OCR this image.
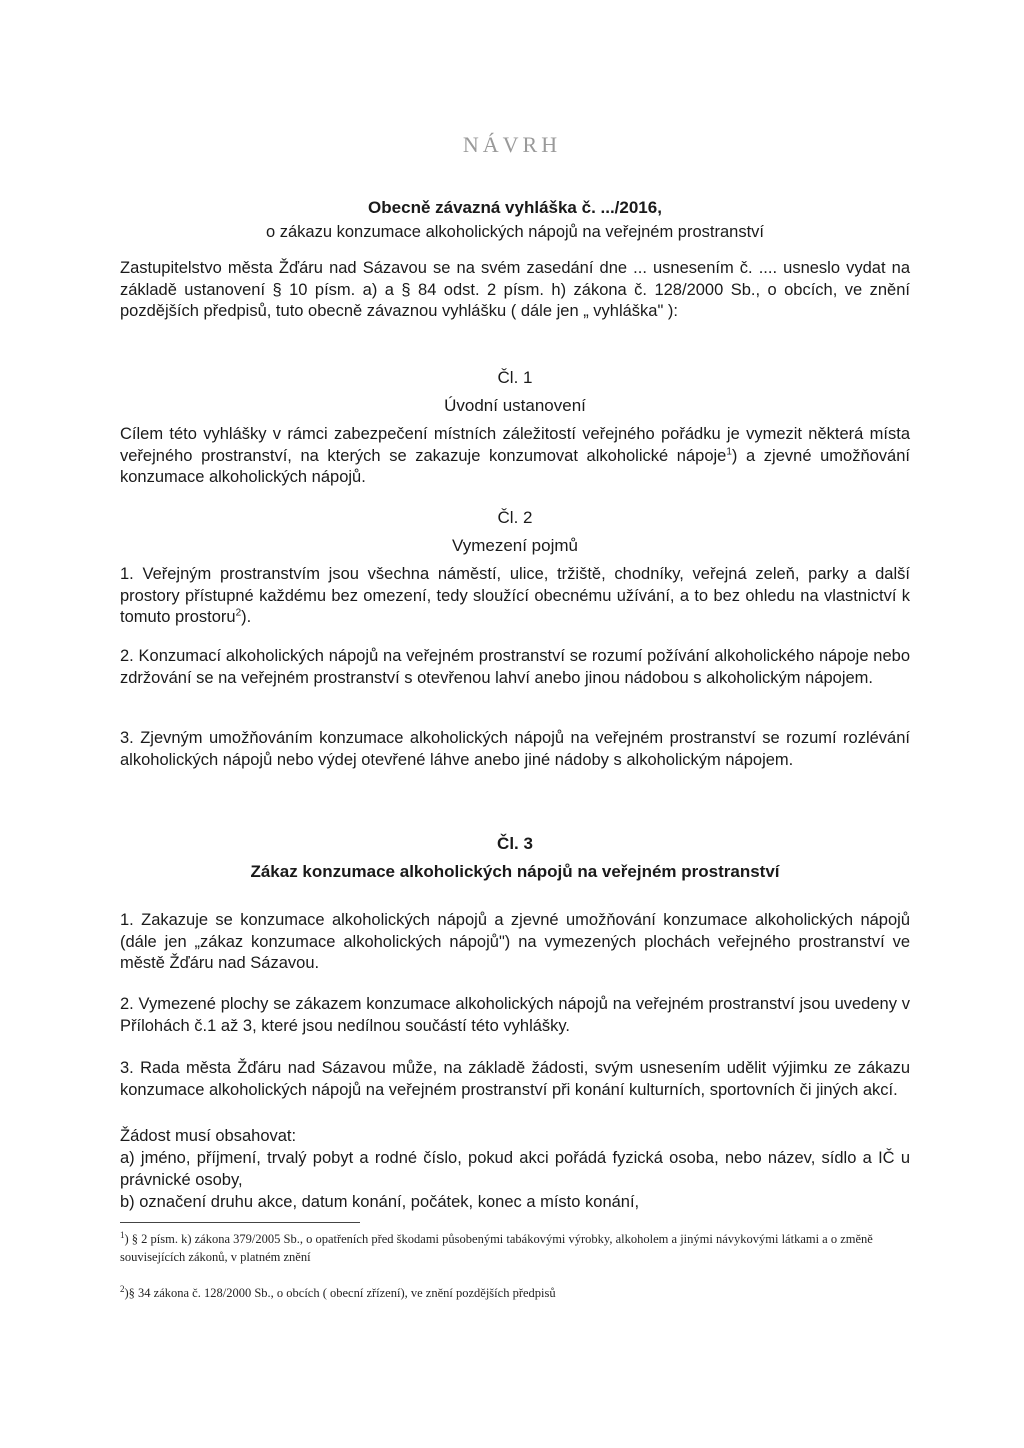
NÁVRH
Obecně závazná vyhláška č. .../2016,
o zákazu konzumace alkoholických nápojů na veřejném prostranství

Zastupitelstvo města Žďáru nad Sázavou se na svém zasedání dne ... usnesením č. .... usneslo vydat na základě ustanovení § 10 písm. a) a § 84 odst. 2 písm. h) zákona č. 128/2000 Sb., o obcích, ve znění pozdějších předpisů, tuto obecně závaznou vyhlášku ( dále jen „ vyhláška" ):

Čl. 1
Úvodní ustanovení

Cílem této vyhlášky v rámci zabezpečení místních záležitostí veřejného pořádku je vymezit některá místa veřejného prostranství, na kterých se zakazuje konzumovat alkoholické nápoje$^1$) a zjevné umožňování konzumace alkoholických nápojů.

Čl. 2
Vymezení pojmů

1. Veřejným prostranstvím jsou všechna náměstí, ulice, tržiště, chodníky, veřejná zeleň, parky a další prostory přístupné každému bez omezení, tedy sloužící obecnému užívání, a to bez ohledu na vlastnictví k tomuto prostoru$^2$).

2. Konzumací alkoholických nápojů na veřejném prostranství se rozumí požívání alkoholického nápoje nebo zdržování se na veřejném prostranství s otevřenou lahví anebo jinou nádobou s alkoholickým nápojem.

3. Zjevným umožňováním konzumace alkoholických nápojů na veřejném prostranství se rozumí rozlévání alkoholických nápojů nebo výdej otevřené láhve anebo jiné nádoby s alkoholickým nápojem.

Čl. 3
Zákaz konzumace alkoholických nápojů na veřejném prostranství

1. Zakazuje se konzumace alkoholických nápojů a zjevné umožňování konzumace alkoholických nápojů (dále jen „zákaz konzumace alkoholických nápojů") na vymezených plochách veřejného prostranství ve městě Žďáru nad Sázavou.

2. Vymezené plochy se zákazem konzumace alkoholických nápojů na veřejném prostranství jsou uvedeny v Přílohách č.1 až 3, které jsou nedílnou součástí této vyhlášky.

3. Rada města Žďáru nad Sázavou může, na základě žádosti, svým usnesením udělit výjimku ze zákazu konzumace alkoholických nápojů na veřejném prostranství při konání kulturních, sportovních či jiných akcí.

Žádost musí obsahovat:

a) jméno, příjmení, trvalý pobyt a rodné číslo, pokud akci pořádá fyzická osoba, nebo název, sídlo a IČ u právnické osoby,

b) označení druhu akce, datum konání, počátek, konec a místo konání,

$^1$) § 2 písm. k) zákona 379/2005 Sb., o opatřeních před škodami působenými tabákovými výrobky, alkoholem a jinými návykovými látkami a o změně souvisejících zákonů, v platném znění
$^2$)§ 34 zákona č. 128/2000 Sb., o obcích ( obecní zřízení), ve znění pozdějších předpisů
